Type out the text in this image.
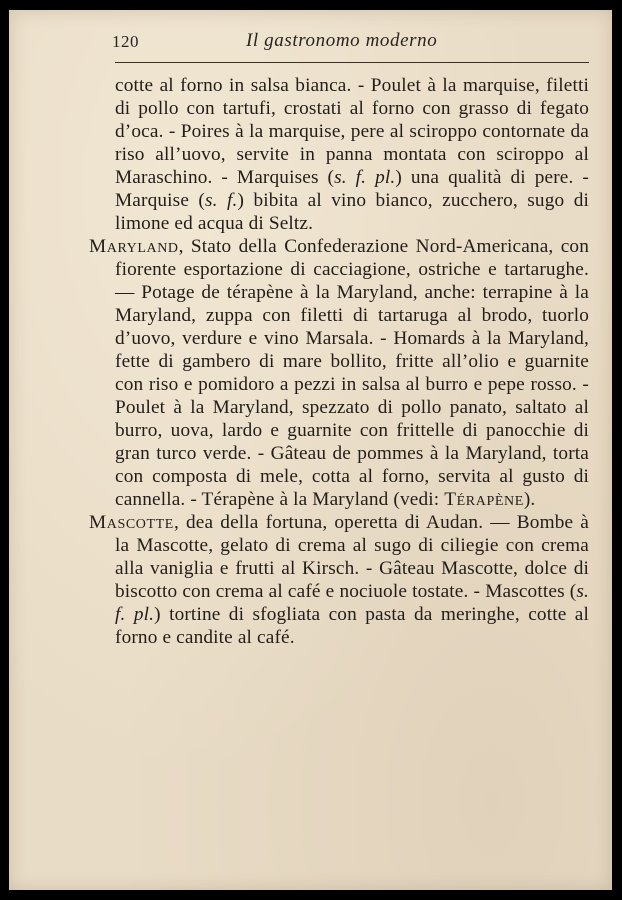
120	Il gastronomo moderno

cotte al forno in salsa bianca. - Poulet à la marquise, filetti di pollo con tartufi, crostati al forno con grasso di fegato d’oca. - Poires à la marquise, pere al sciroppo contornate da riso all’uovo, servite in panna montata con sciroppo al Maraschino. - Marquises (s. f. pl.) una qualità di pere. - Marquise (s. f.) bibita al vino bianco, zucchero, sugo di limone ed acqua di Seltz.

Maryland, Stato della Confederazione Nord-Americana, con fiorente esportazione di cacciagione, ostriche e tartarughe. — Potage de térapène à la Maryland, anche: terrapine à la Maryland, zuppa con filetti di tartaruga al brodo, tuorlo d’uovo, verdure e vino Marsala. - Homards à la Maryland, fette di gambero di mare bollito, fritte all’olio e guarnite con riso e pomidoro a pezzi in salsa al burro e pepe rosso. - Poulet à la Maryland, spezzato di pollo panato, saltato al burro, uova, lardo e guarnite con frittelle di panocchie di gran turco verde. - Gâteau de pommes à la Maryland, torta con composta di mele, cotta al forno, servita al gusto di cannella. - Térapène à la Maryland (vedi: Térapène).

Mascotte, dea della fortuna, operetta di Audan. — Bombe à la Mascotte, gelato di crema al sugo di ciliegie con crema alla vaniglia e frutti al Kirsch. - Gâteau Mascotte, dolce di biscotto con crema al café e nociuole tostate. - Mascottes (s. f. pl.) tortine di sfogliata con pasta da meringhe, cotte al forno e candite al café.
